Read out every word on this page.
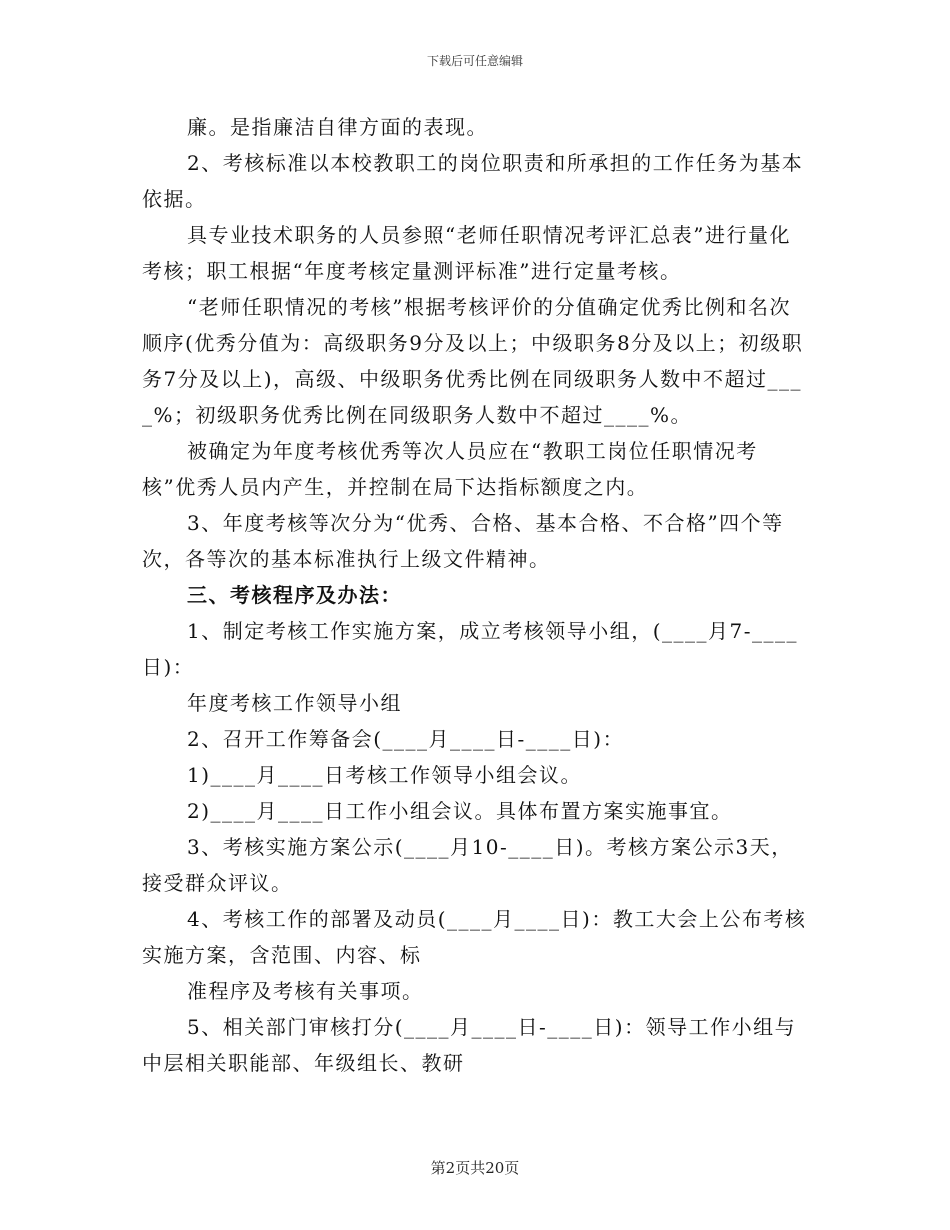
下载后可任意编辑

廉。是指廉洁自律方面的表现。

2、考核标准以本校教职工的岗位职责和所承担的工作任务为基本依据。

具专业技术职务的人员参照“老师任职情况考评汇总表”进行量化考核；职工根据“年度考核定量测评标准”进行定量考核。

“老师任职情况的考核”根据考核评价的分值确定优秀比例和名次顺序(优秀分值为：高级职务9分及以上；中级职务8分及以上；初级职务7分及以上)，高级、中级职务优秀比例在同级职务人数中不超过____%；初级职务优秀比例在同级职务人数中不超过____%。

被确定为年度考核优秀等次人员应在“教职工岗位任职情况考核”优秀人员内产生，并控制在局下达指标额度之内。

3、年度考核等次分为“优秀、合格、基本合格、不合格”四个等次，各等次的基本标准执行上级文件精神。

三、考核程序及办法：

1、制定考核工作实施方案，成立考核领导小组，(____月7-____日)：

年度考核工作领导小组

2、召开工作筹备会(____月____日-____日)：

1)____月____日考核工作领导小组会议。

2)____月____日工作小组会议。具体布置方案实施事宜。

3、考核实施方案公示(____月10-____日)。考核方案公示3天，接受群众评议。

4、考核工作的部署及动员(____月____日)：教工大会上公布考核实施方案，含范围、内容、标

准程序及考核有关事项。

5、相关部门审核打分(____月____日-____日)：领导工作小组与中层相关职能部、年级组长、教研

第2页共20页
